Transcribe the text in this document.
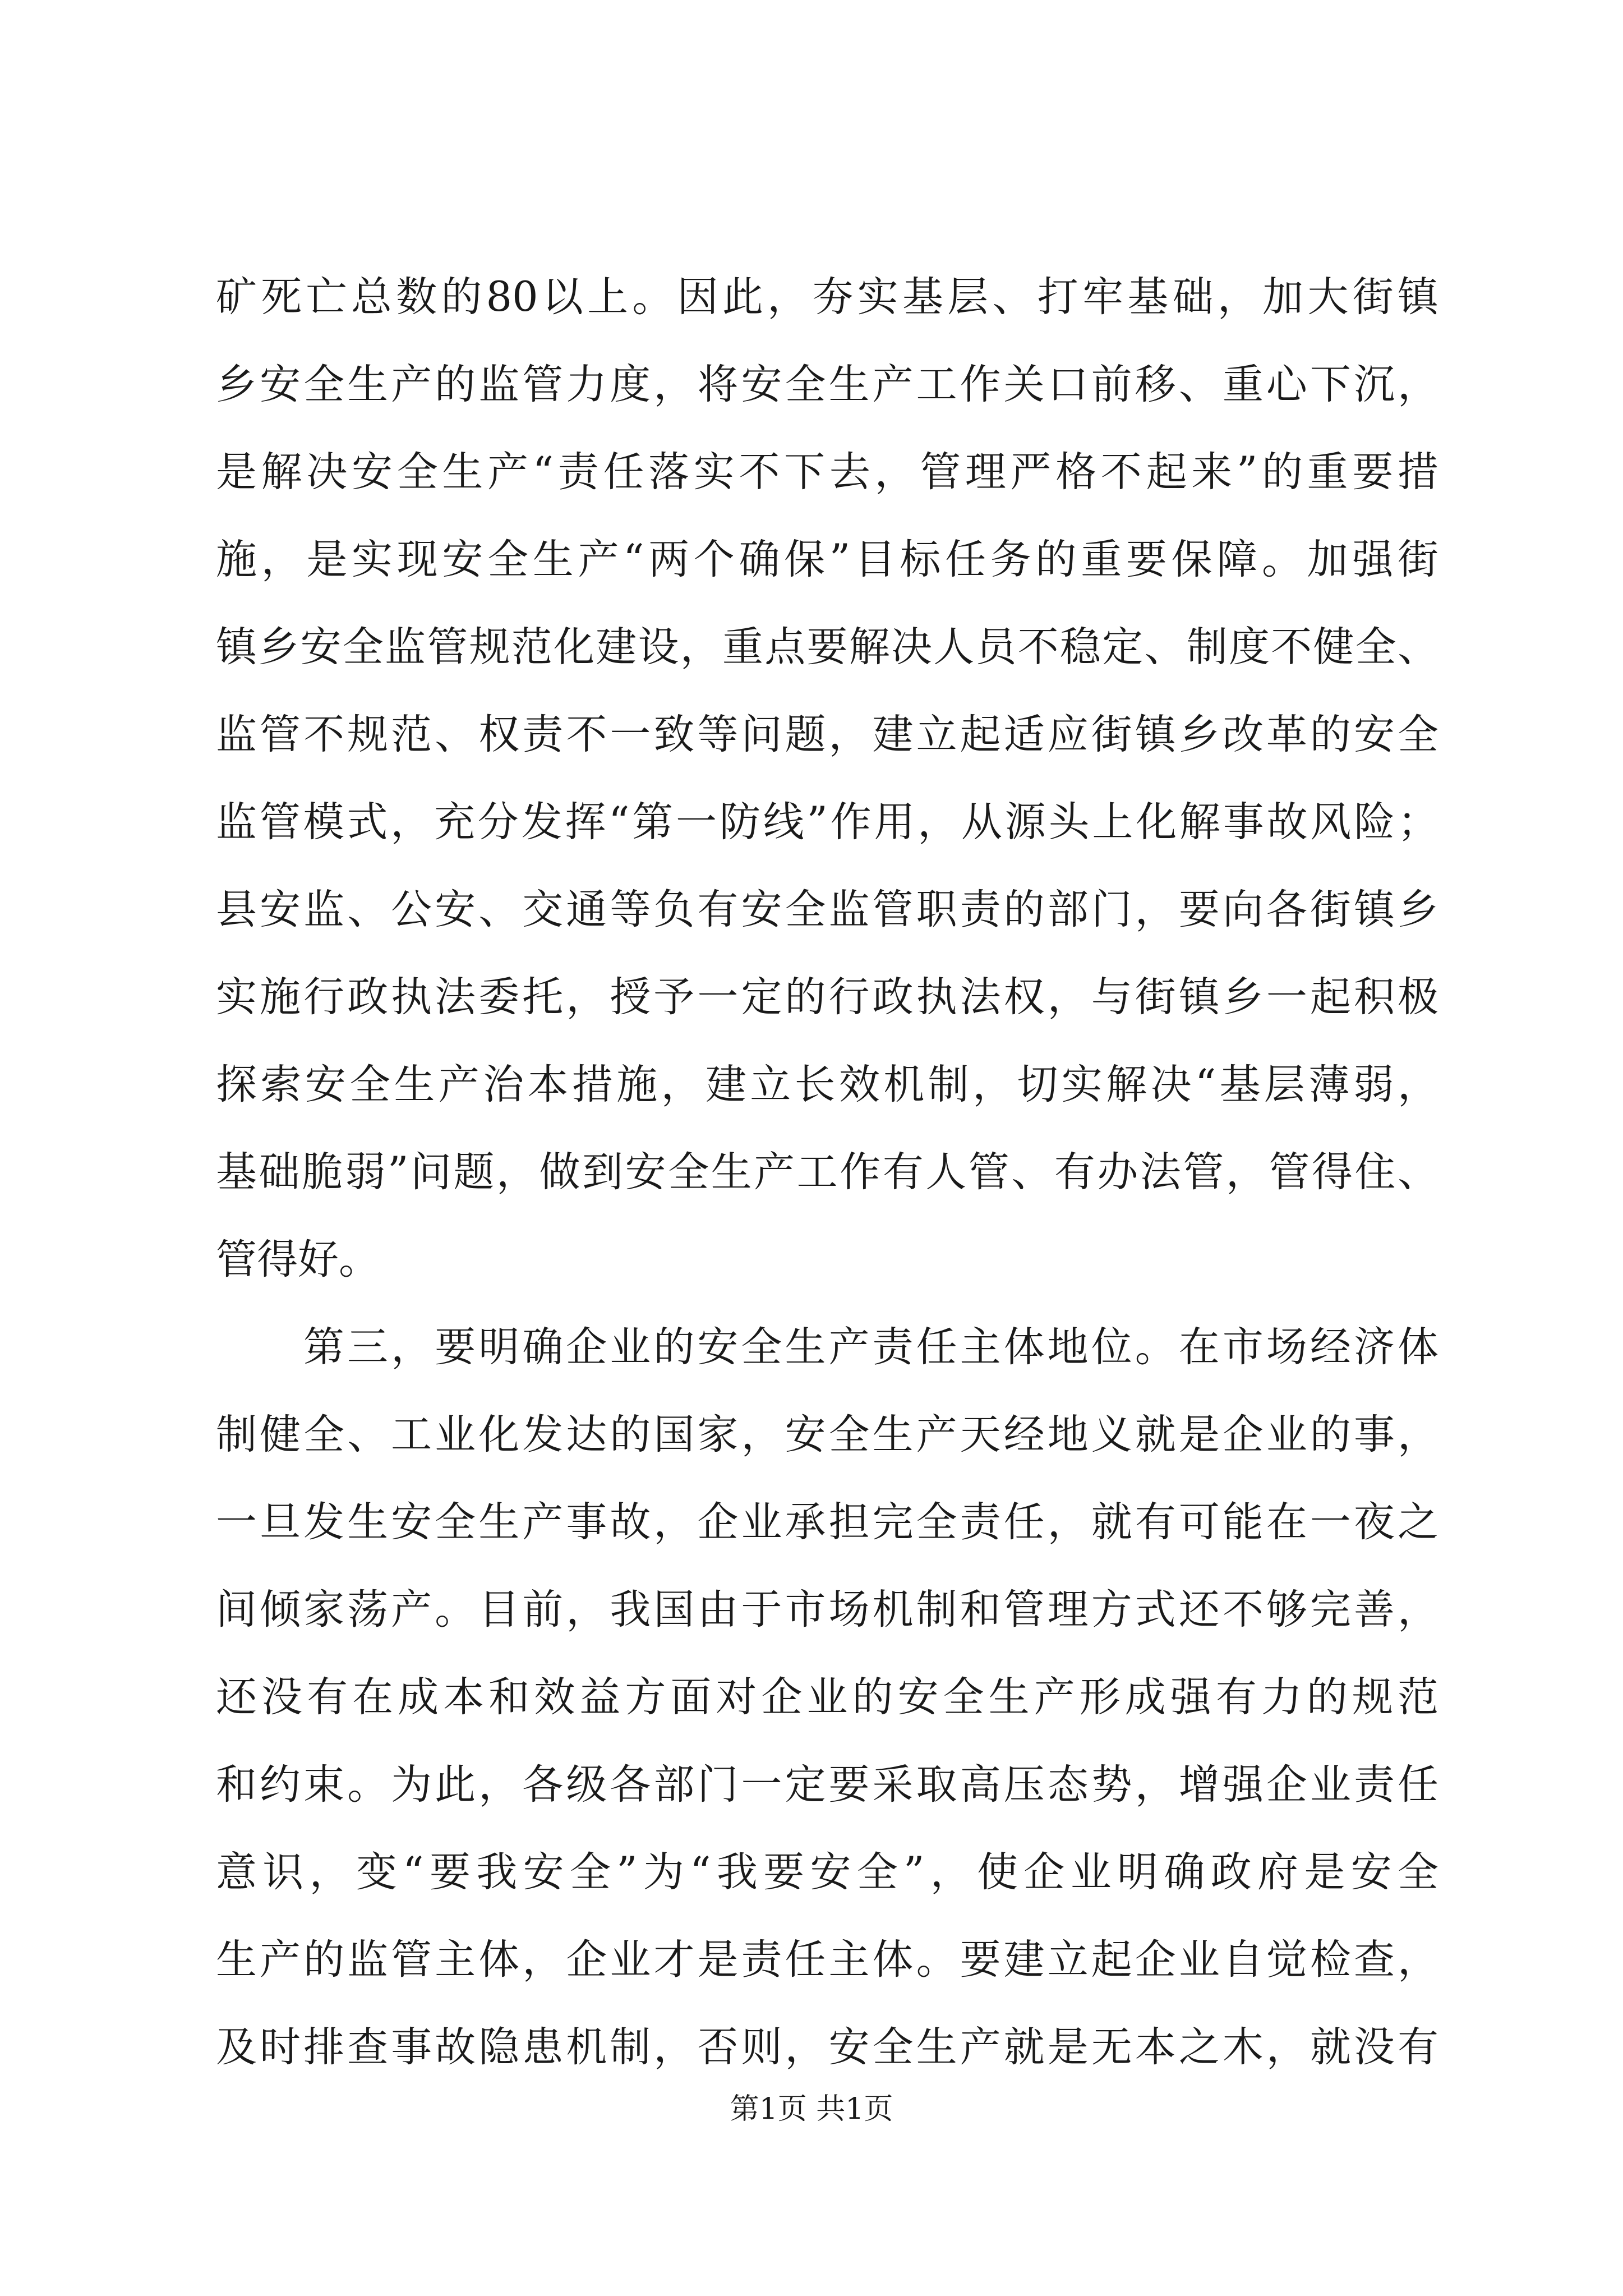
矿死亡总数的80以上。因此，夯实基层、打牢基础，加大街镇
乡安全生产的监管力度，将安全生产工作关口前移、重心下沉，
是解决安全生产“责任落实不下去，管理严格不起来”的重要措
施，是实现安全生产“两个确保”目标任务的重要保障。加强街
镇乡安全监管规范化建设，重点要解决人员不稳定、制度不健全、
监管不规范、权责不一致等问题，建立起适应街镇乡改革的安全
监管模式，充分发挥“第一防线”作用，从源头上化解事故风险；
县安监、公安、交通等负有安全监管职责的部门，要向各街镇乡
实施行政执法委托，授予一定的行政执法权，与街镇乡一起积极
探索安全生产治本措施，建立长效机制，切实解决“基层薄弱，
基础脆弱”问题，做到安全生产工作有人管、有办法管，管得住、
管得好。
第三，要明确企业的安全生产责任主体地位。在市场经济体
制健全、工业化发达的国家，安全生产天经地义就是企业的事，
一旦发生安全生产事故，企业承担完全责任，就有可能在一夜之
间倾家荡产。目前，我国由于市场机制和管理方式还不够完善，
还没有在成本和效益方面对企业的安全生产形成强有力的规范
和约束。为此，各级各部门一定要采取高压态势，增强企业责任
意识，变“要我安全”为“我要安全”，使企业明确政府是安全
生产的监管主体，企业才是责任主体。要建立起企业自觉检查，
及时排查事故隐患机制，否则，安全生产就是无本之木，就没有
第1页 共1页
